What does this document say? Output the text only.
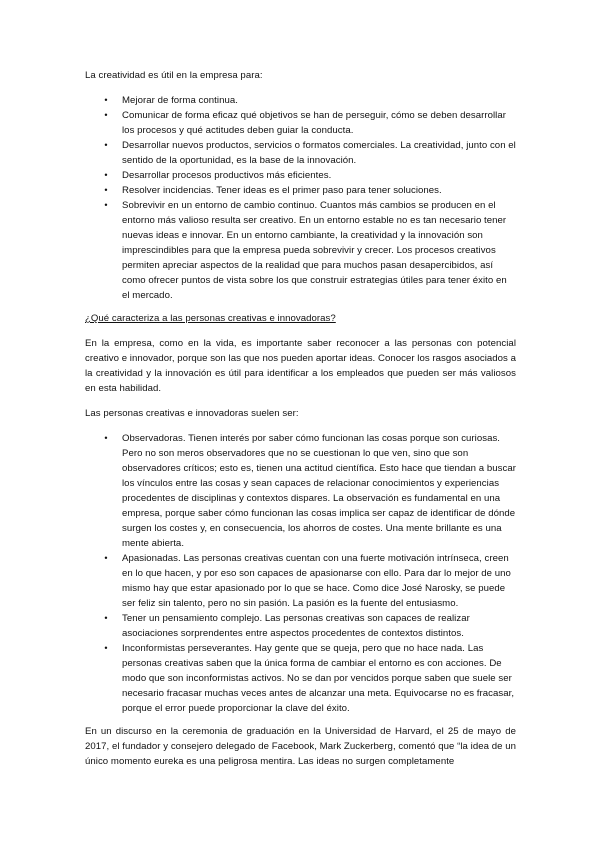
La creatividad es útil en la empresa para:

•	Mejorar de forma continua.
•	Comunicar de forma eficaz qué objetivos se han de perseguir, cómo se deben desarrollar los procesos y qué actitudes deben guiar la conducta.
•	Desarrollar nuevos productos, servicios o formatos comerciales. La creatividad, junto con el sentido de la oportunidad, es la base de la innovación.
•	Desarrollar procesos productivos más eficientes.
•	Resolver incidencias. Tener ideas es el primer paso para tener soluciones.
•	Sobrevivir en un entorno de cambio continuo. Cuantos más cambios se producen en el entorno más valioso resulta ser creativo. En un entorno estable no es tan necesario tener nuevas ideas e innovar. En un entorno cambiante, la creatividad y la innovación son imprescindibles para que la empresa pueda sobrevivir y crecer. Los procesos creativos permiten apreciar aspectos de la realidad que para muchos pasan desapercibidos, así como ofrecer puntos de vista sobre los que construir estrategias útiles para tener éxito en el mercado.

¿Qué caracteriza a las personas creativas e innovadoras?

En la empresa, como en la vida, es importante saber reconocer a las personas con potencial creativo e innovador, porque son las que nos pueden aportar ideas. Conocer los rasgos asociados a la creatividad y la innovación es útil para identificar a los empleados que pueden ser más valiosos en esta habilidad.

Las personas creativas e innovadoras suelen ser:

•	Observadoras. Tienen interés por saber cómo funcionan las cosas porque son curiosas. Pero no son meros observadores que no se cuestionan lo que ven, sino que son observadores críticos; esto es, tienen una actitud científica. Esto hace que tiendan a buscar los vínculos entre las cosas y sean capaces de relacionar conocimientos y experiencias procedentes de disciplinas y contextos dispares. La observación es fundamental en una empresa, porque saber cómo funcionan las cosas implica ser capaz de identificar de dónde surgen los costes y, en consecuencia, los ahorros de costes. Una mente brillante es una mente abierta.
•	Apasionadas. Las personas creativas cuentan con una fuerte motivación intrínseca, creen en lo que hacen, y por eso son capaces de apasionarse con ello. Para dar lo mejor de uno mismo hay que estar apasionado por lo que se hace. Como dice José Narosky, se puede ser feliz sin talento, pero no sin pasión. La pasión es la fuente del entusiasmo.
•	Tener un pensamiento complejo. Las personas creativas son capaces de realizar asociaciones sorprendentes entre aspectos procedentes de contextos distintos.
•	Inconformistas perseverantes. Hay gente que se queja, pero que no hace nada. Las personas creativas saben que la única forma de cambiar el entorno es con acciones. De modo que son inconformistas activos. No se dan por vencidos porque saben que suele ser necesario fracasar muchas veces antes de alcanzar una meta. Equivocarse no es fracasar, porque el error puede proporcionar la clave del éxito.

En un discurso en la ceremonia de graduación en la Universidad de Harvard, el 25 de mayo de 2017, el fundador y consejero delegado de Facebook, Mark Zuckerberg, comentó que “la idea de un único momento eureka es una peligrosa mentira. Las ideas no surgen completamente
